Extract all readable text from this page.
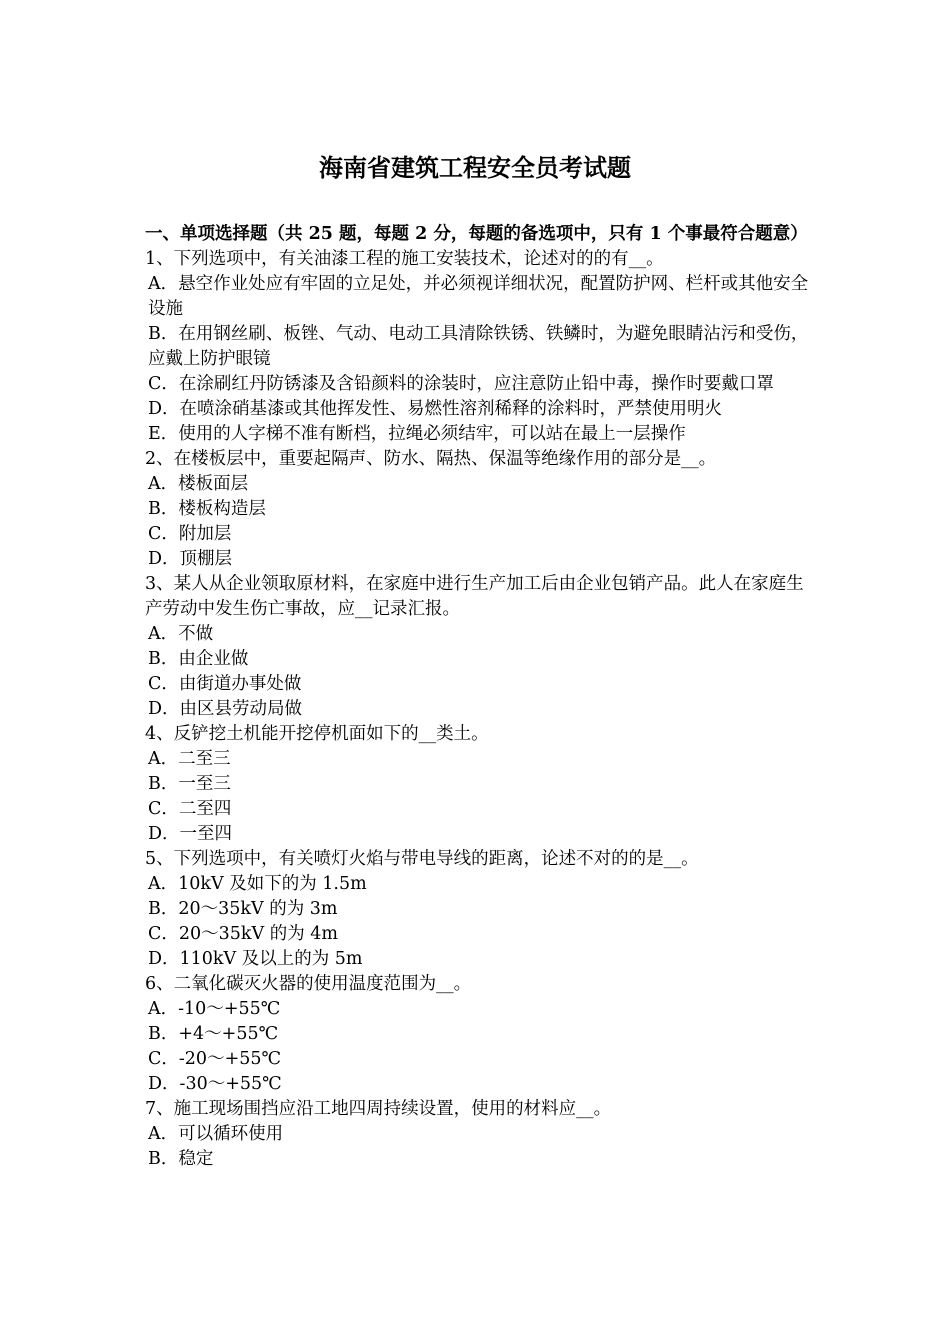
海南省建筑工程安全员考试题
一、单项选择题（共 25 题，每题 2 分，每题的备选项中，只有 1 个事最符合题意）
1、下列选项中，有关油漆工程的施工安装技术，论述对的的有__。
A．悬空作业处应有牢固的立足处，并必须视详细状况，配置防护网、栏杆或其他安全设施
B．在用钢丝刷、板锉、气动、电动工具清除铁锈、铁鳞时，为避免眼睛沾污和受伤，应戴上防护眼镜
C．在涂刷红丹防锈漆及含铅颜料的涂装时，应注意防止铅中毒，操作时要戴口罩
D．在喷涂硝基漆或其他挥发性、易燃性溶剂稀释的涂料时，严禁使用明火
E．使用的人字梯不准有断档，拉绳必须结牢，可以站在最上一层操作
2、在楼板层中，重要起隔声、防水、隔热、保温等绝缘作用的部分是__。
A．楼板面层
B．楼板构造层
C．附加层
D．顶棚层
3、某人从企业领取原材料，在家庭中进行生产加工后由企业包销产品。此人在家庭生产劳动中发生伤亡事故，应__记录汇报。
A．不做
B．由企业做
C．由街道办事处做
D．由区县劳动局做
4、反铲挖土机能开挖停机面如下的__类土。
A．二至三
B．一至三
C．二至四
D．一至四
5、下列选项中，有关喷灯火焰与带电导线的距离，论述不对的的是__。
A．10kV 及如下的为 1.5m
B．20～35kV 的为 3m
C．20～35kV 的为 4m
D．110kV 及以上的为 5m
6、二氧化碳灭火器的使用温度范围为__。
A．-10～+55℃
B．+4～+55℃
C．-20～+55℃
D．-30～+55℃
7、施工现场围挡应沿工地四周持续设置，使用的材料应__。
A．可以循环使用
B．稳定
